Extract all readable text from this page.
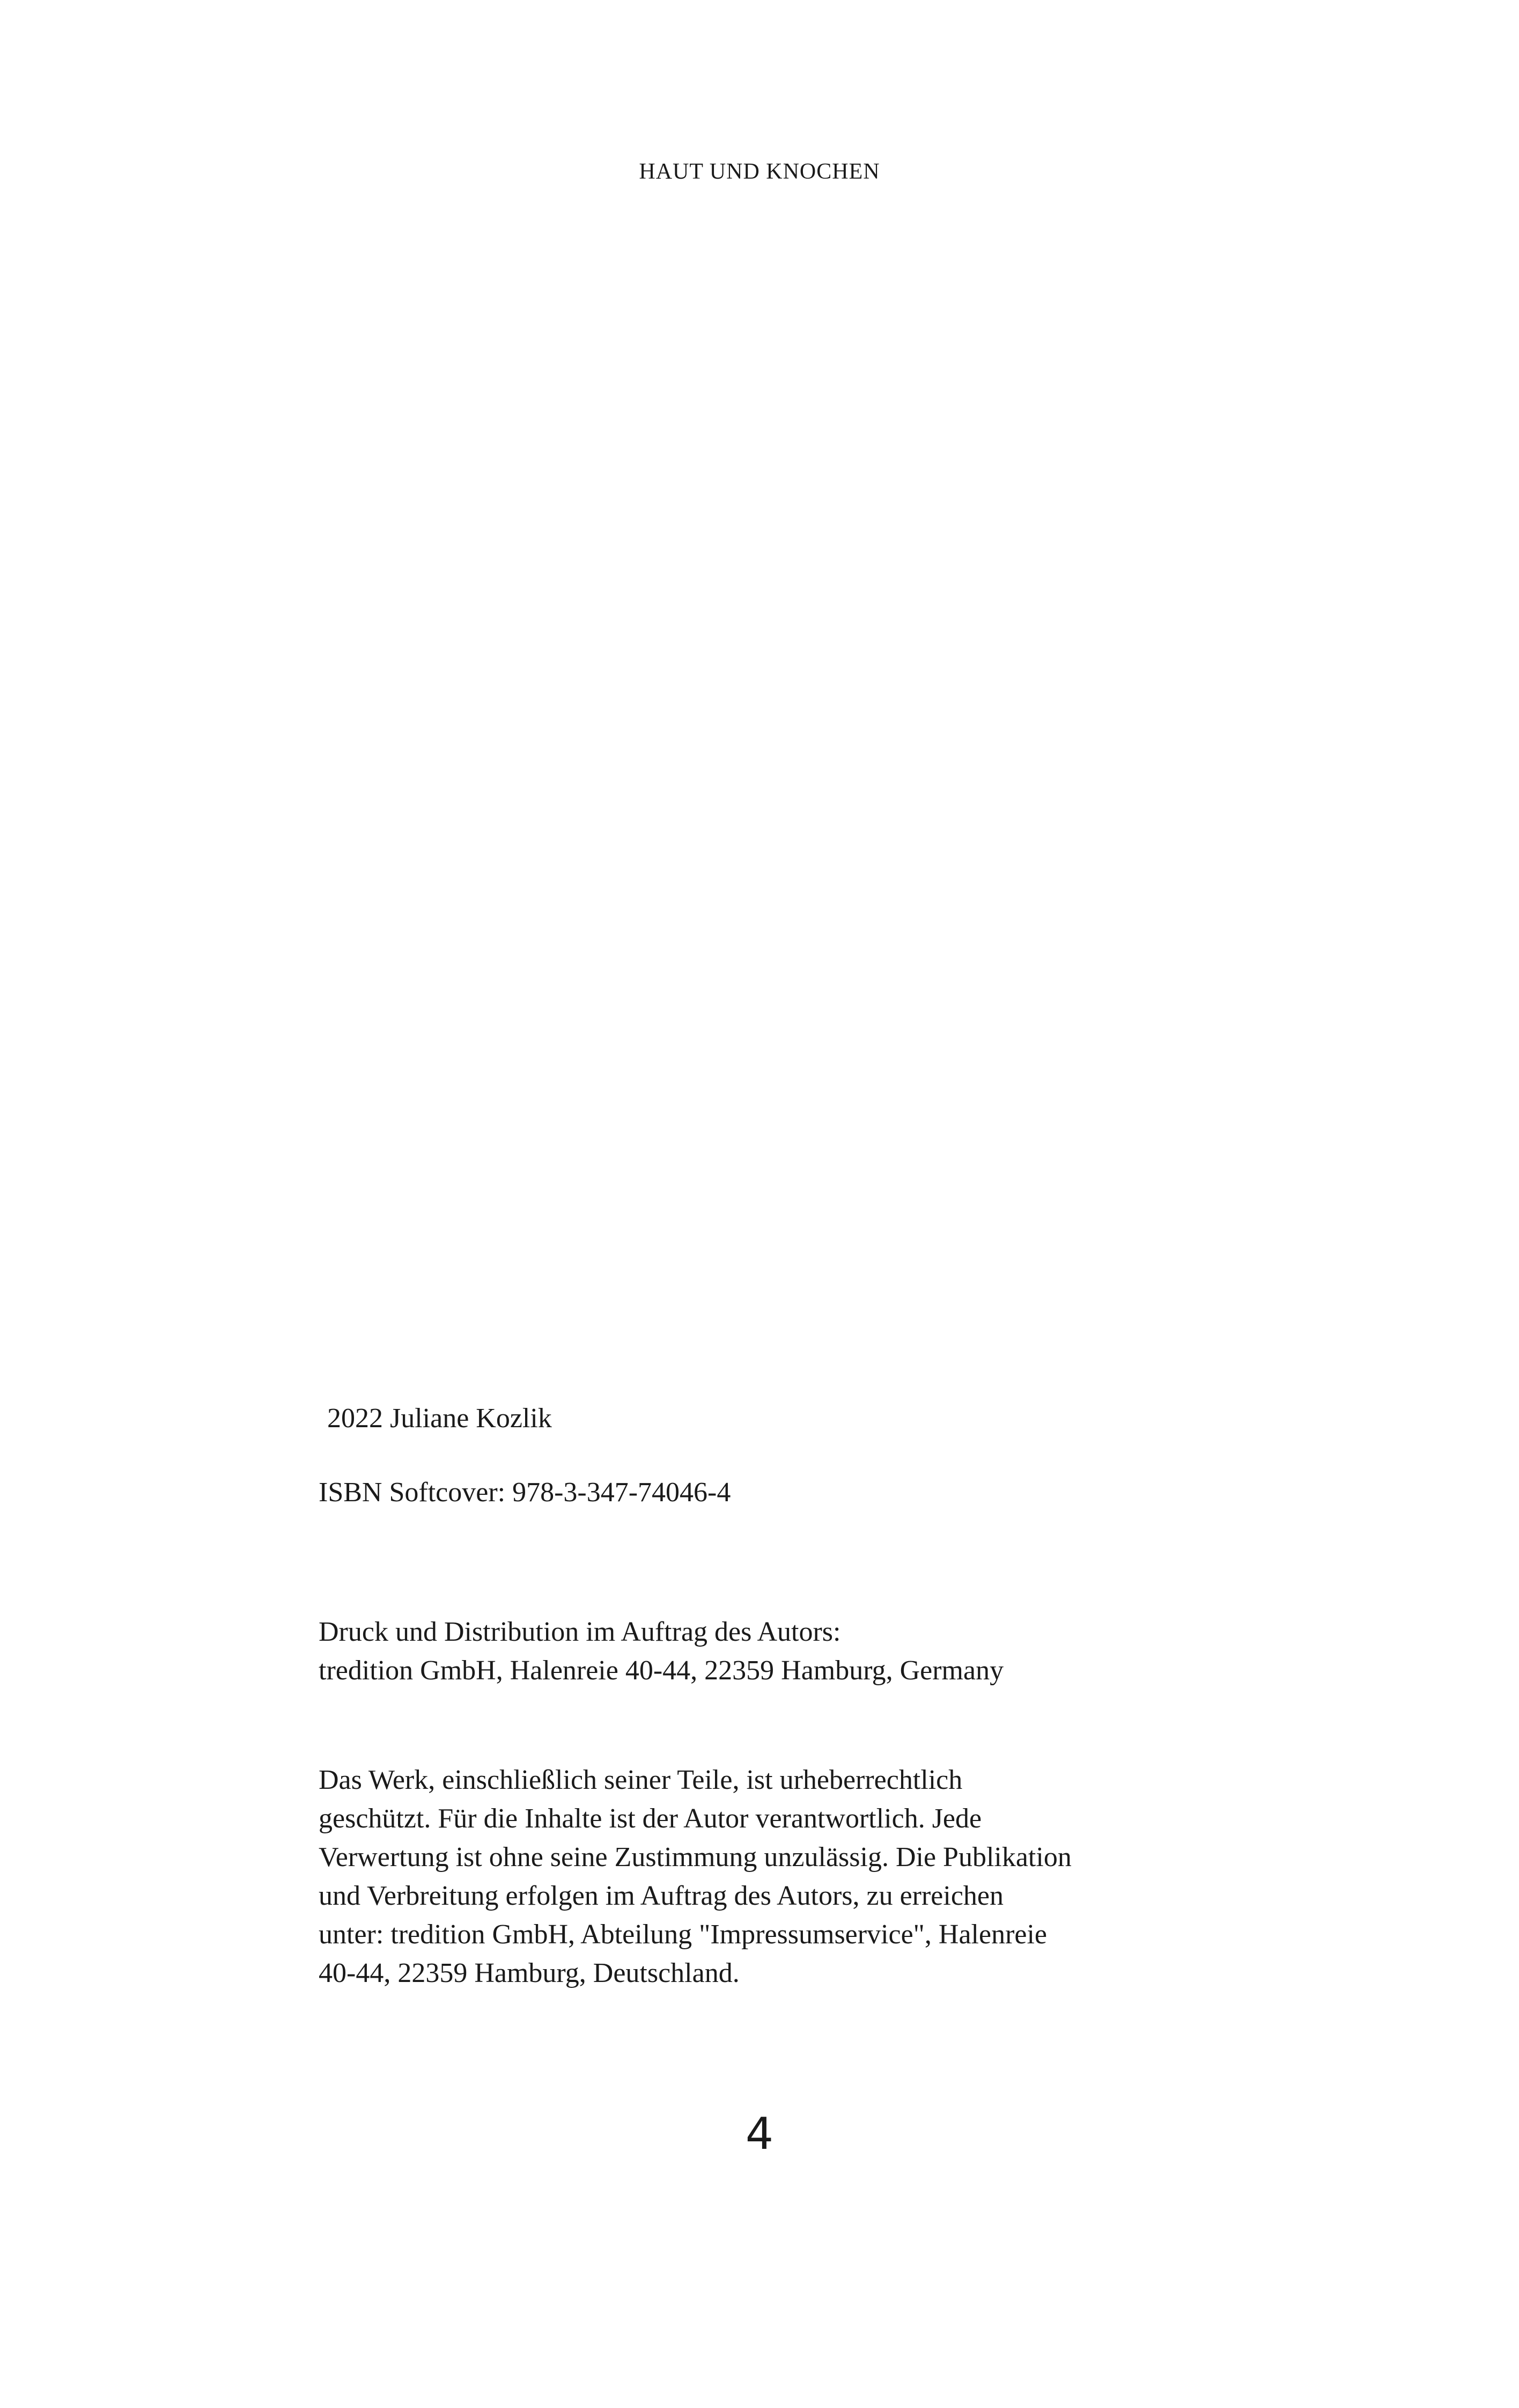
HAUT UND KNOCHEN

2022 Juliane Kozlik

ISBN Softcover: 978-3-347-74046-4

Druck und Distribution im Auftrag des Autors:

tredition GmbH, Halenreie 40-44, 22359 Hamburg, Germany

Das Werk, einschließlich seiner Teile, ist urheberrechtlich

geschützt. Für die Inhalte ist der Autor verantwortlich. Jede

Verwertung ist ohne seine Zustimmung unzulässig. Die Publikation

und Verbreitung erfolgen im Auftrag des Autors, zu erreichen

unter: tredition GmbH, Abteilung "Impressumservice", Halenreie

40-44, 22359 Hamburg, Deutschland.

4
